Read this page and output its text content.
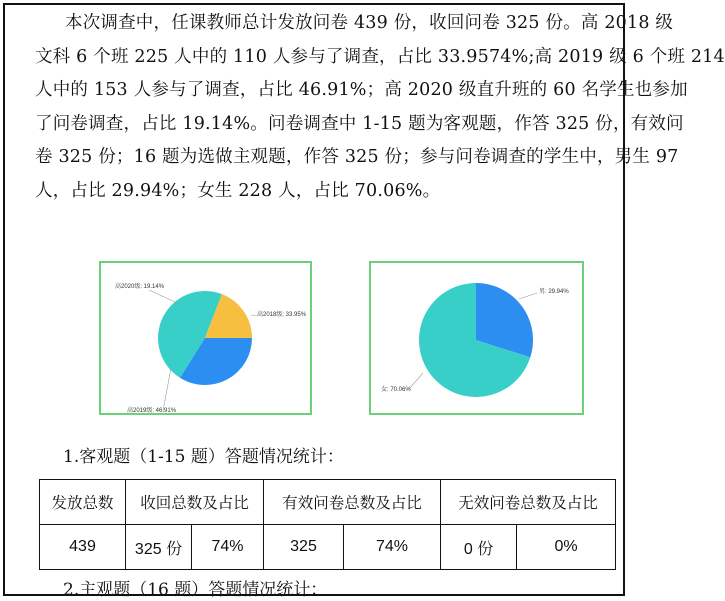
本次调查中，任课教师总计发放问卷 439 份，收回问卷 325 份。高 2018 级
文科 6 个班 225 人中的 110 人参与了调查，占比 33.9574%;高 2019 级 6 个班 214
人中的 153 人参与了调查，占比 46.91%；高 2020 级直升班的 60 名学生也参加
了问卷调查，占比 19.14%。问卷调查中 1-15 题为客观题，作答 325 份，有效问
卷 325 份；16 题为选做主观题，作答 325 份；参与问卷调查的学生中，男生 97
人，占比 29.94%；女生 228 人，占比 70.06%。

高2018级: 33.95%
高2019级: 46.91%
高2020级: 19.14%
男: 29.94%
女: 70.06%
1.客观题（1-15 题）答题情况统计：
发放总数	收回总数及占比		有效问卷总数及占比		无效问卷总数及占比	
439	325 份	74%	325	74%	0 份	0%
2.主观题（16 题）答题情况统计：
